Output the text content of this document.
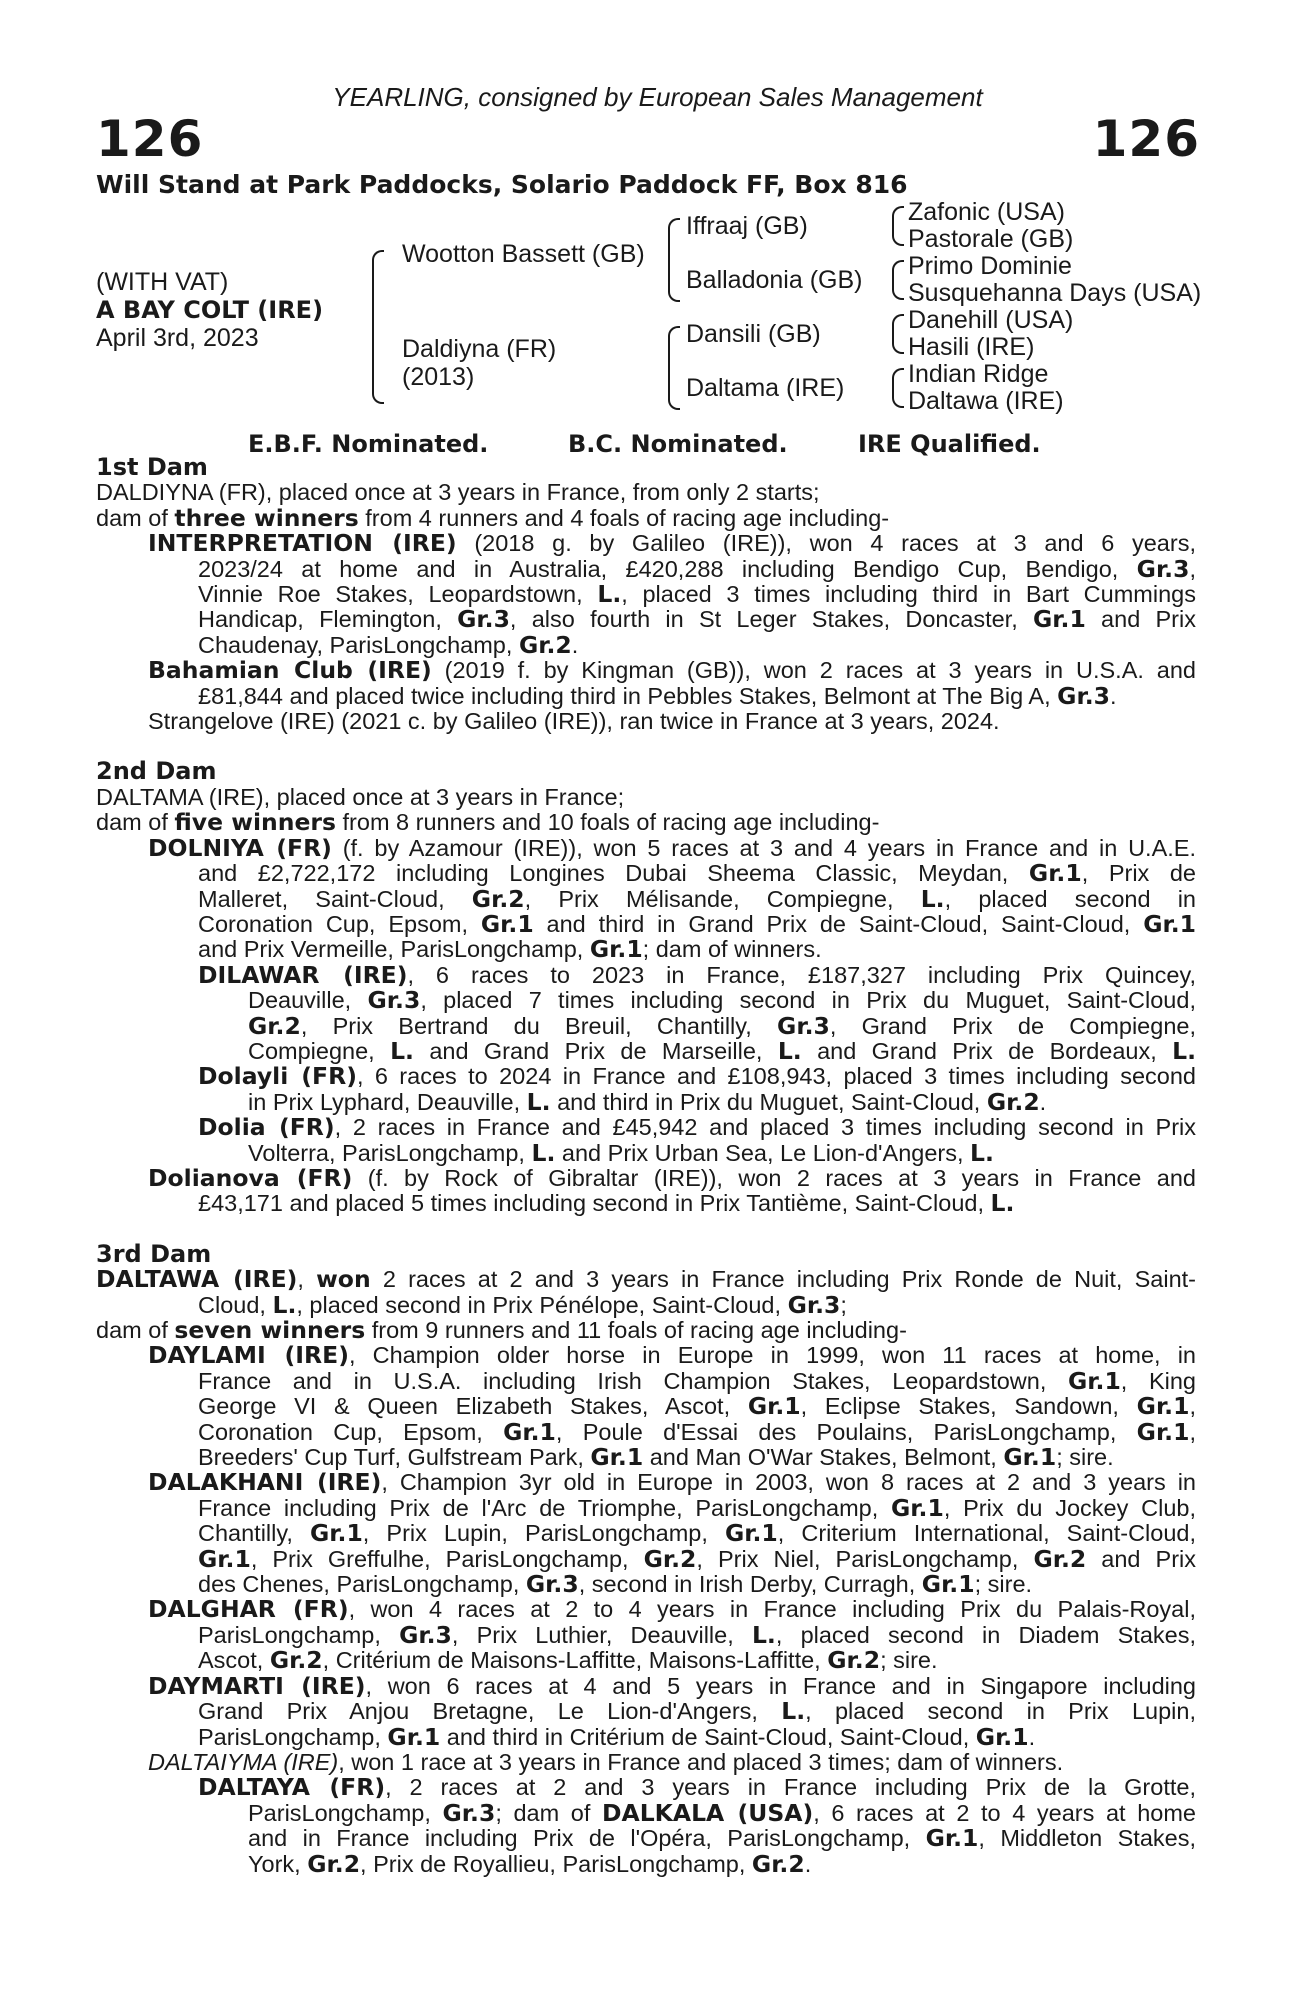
YEARLING, consigned by European Sales Management
126	126
Will Stand at Park Paddocks, Solario Paddock FF, Box 816
(WITH VAT)
A BAY COLT (IRE)
April 3rd, 2023
Wootton Bassett (GB)
Daldiyna (FR)
(2013)
Iffraaj (GB)
Balladonia (GB)
Dansili (GB)
Daltama (IRE)
Zafonic (USA)
Pastorale (GB)
Primo Dominie
Susquehanna Days (USA)
Danehill (USA)
Hasili (IRE)
Indian Ridge
Daltawa (IRE)
E.B.F. Nominated.	B.C. Nominated.	IRE Qualified.
1st Dam
DALDIYNA (FR), placed once at 3 years in France, from only 2 starts;
dam of three winners from 4 runners and 4 foals of racing age including-
INTERPRETATION (IRE) (2018 g. by Galileo (IRE)), won 4 races at 3 and 6 years,
2023/24 at home and in Australia, £420,288 including Bendigo Cup, Bendigo, Gr.3,
Vinnie Roe Stakes, Leopardstown, L., placed 3 times including third in Bart Cummings
Handicap, Flemington, Gr.3, also fourth in St Leger Stakes, Doncaster, Gr.1 and Prix
Chaudenay, ParisLongchamp, Gr.2.
Bahamian Club (IRE) (2019 f. by Kingman (GB)), won 2 races at 3 years in U.S.A. and
£81,844 and placed twice including third in Pebbles Stakes, Belmont at The Big A, Gr.3.
Strangelove (IRE) (2021 c. by Galileo (IRE)), ran twice in France at 3 years, 2024.
2nd Dam
DALTAMA (IRE), placed once at 3 years in France;
dam of five winners from 8 runners and 10 foals of racing age including-
DOLNIYA (FR) (f. by Azamour (IRE)), won 5 races at 3 and 4 years in France and in U.A.E.
and £2,722,172 including Longines Dubai Sheema Classic, Meydan, Gr.1, Prix de
Malleret, Saint-Cloud, Gr.2, Prix Mélisande, Compiegne, L., placed second in
Coronation Cup, Epsom, Gr.1 and third in Grand Prix de Saint-Cloud, Saint-Cloud, Gr.1
and Prix Vermeille, ParisLongchamp, Gr.1; dam of winners.
DILAWAR (IRE), 6 races to 2023 in France, £187,327 including Prix Quincey,
Deauville, Gr.3, placed 7 times including second in Prix du Muguet, Saint-Cloud,
Gr.2, Prix Bertrand du Breuil, Chantilly, Gr.3, Grand Prix de Compiegne,
Compiegne, L. and Grand Prix de Marseille, L. and Grand Prix de Bordeaux, L.
Dolayli (FR), 6 races to 2024 in France and £108,943, placed 3 times including second
in Prix Lyphard, Deauville, L. and third in Prix du Muguet, Saint-Cloud, Gr.2.
Dolia (FR), 2 races in France and £45,942 and placed 3 times including second in Prix
Volterra, ParisLongchamp, L. and Prix Urban Sea, Le Lion-d'Angers, L.
Dolianova (FR) (f. by Rock of Gibraltar (IRE)), won 2 races at 3 years in France and
£43,171 and placed 5 times including second in Prix Tantième, Saint-Cloud, L.
3rd Dam
DALTAWA (IRE), won 2 races at 2 and 3 years in France including Prix Ronde de Nuit, Saint-
Cloud, L., placed second in Prix Pénélope, Saint-Cloud, Gr.3;
dam of seven winners from 9 runners and 11 foals of racing age including-
DAYLAMI (IRE), Champion older horse in Europe in 1999, won 11 races at home, in
France and in U.S.A. including Irish Champion Stakes, Leopardstown, Gr.1, King
George VI & Queen Elizabeth Stakes, Ascot, Gr.1, Eclipse Stakes, Sandown, Gr.1,
Coronation Cup, Epsom, Gr.1, Poule d'Essai des Poulains, ParisLongchamp, Gr.1,
Breeders' Cup Turf, Gulfstream Park, Gr.1 and Man O'War Stakes, Belmont, Gr.1; sire.
DALAKHANI (IRE), Champion 3yr old in Europe in 2003, won 8 races at 2 and 3 years in
France including Prix de l'Arc de Triomphe, ParisLongchamp, Gr.1, Prix du Jockey Club,
Chantilly, Gr.1, Prix Lupin, ParisLongchamp, Gr.1, Criterium International, Saint-Cloud,
Gr.1, Prix Greffulhe, ParisLongchamp, Gr.2, Prix Niel, ParisLongchamp, Gr.2 and Prix
des Chenes, ParisLongchamp, Gr.3, second in Irish Derby, Curragh, Gr.1; sire.
DALGHAR (FR), won 4 races at 2 to 4 years in France including Prix du Palais-Royal,
ParisLongchamp, Gr.3, Prix Luthier, Deauville, L., placed second in Diadem Stakes,
Ascot, Gr.2, Critérium de Maisons-Laffitte, Maisons-Laffitte, Gr.2; sire.
DAYMARTI (IRE), won 6 races at 4 and 5 years in France and in Singapore including
Grand Prix Anjou Bretagne, Le Lion-d'Angers, L., placed second in Prix Lupin,
ParisLongchamp, Gr.1 and third in Critérium de Saint-Cloud, Saint-Cloud, Gr.1.
DALTAIYMA (IRE), won 1 race at 3 years in France and placed 3 times; dam of winners.
DALTAYA (FR), 2 races at 2 and 3 years in France including Prix de la Grotte,
ParisLongchamp, Gr.3; dam of DALKALA (USA), 6 races at 2 to 4 years at home
and in France including Prix de l'Opéra, ParisLongchamp, Gr.1, Middleton Stakes,
York, Gr.2, Prix de Royallieu, ParisLongchamp, Gr.2.
